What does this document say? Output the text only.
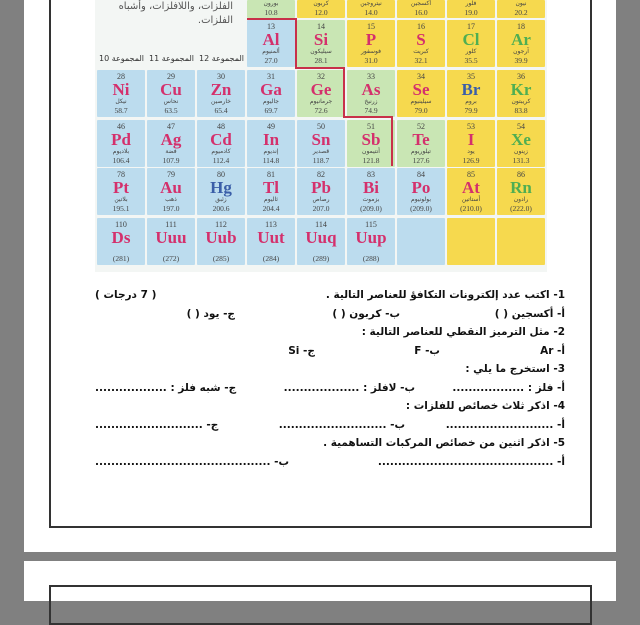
الفلزات، واللافلزات، وأشباه الفلزات.
المجموعة 10 المجموعة 11 المجموعة 12
بورون
10.8
كربون
12.0
نيتروجين
14.0
أكسجين
16.0
فلور
19.0
نيون
20.2
13
Al
ألمنيوم
27.0
14
Si
سيليكون
28.1
15
P
فوسفور
31.0
16
S
كبريت
32.1
17
Cl
كلور
35.5
18
Ar
آرجون
39.9
28
Ni
نيكل
58.7
29
Cu
نحاس
63.5
30
Zn
خارصين
65.4
31
Ga
جاليوم
69.7
32
Ge
جرمانيوم
72.6
33
As
زرنيخ
74.9
34
Se
سيلينيوم
79.0
35
Br
بروم
79.9
36
Kr
كريبتون
83.8
46
Pd
بلاديوم
106.4
47
Ag
فضة
107.9
48
Cd
كادميوم
112.4
49
In
إنديوم
114.8
50
Sn
قصدير
118.7
51
Sb
أنتيمون
121.8
52
Te
تيلوريوم
127.6
53
I
يود
126.9
54
Xe
زينون
131.3
78
Pt
بلاتين
195.1
79
Au
ذهب
197.0
80
Hg
زئبق
200.6
81
Tl
ثاليوم
204.4
82
Pb
رصاص
207.0
83
Bi
بزموت
(209.0)
84
Po
بولونيوم
(209.0)
85
At
أستاتين
(210.0)
86
Rn
رادون
(222.0)
110
Ds
(281)
111
Uuu
(272)
112
Uub
(285)
113
Uut
(284)
114
Uuq
(289)
115
Uup
(288)
1- اكتب عدد إلكترونات التكافؤ للعناصر التالية .
( 7 درجات )
أ- أكسجين ( )
ب- كربون ( )
ج- يود ( )
2- مثل الترميز النقطي للعناصر التالية :
أ- Ar
ب- F
ج- Si
3- استخرج ما يلي :
أ- فلز : ..................
ب- لافلز : ...................
ج- شبه فلز : ..................
4- اذكر ثلاث خصائص للفلزات :
أ- ...........................
ب- ...........................
ج- ...........................
5- اذكر اثنين من خصائص المركبات التساهمية .
أ- ............................................
ب- ............................................
